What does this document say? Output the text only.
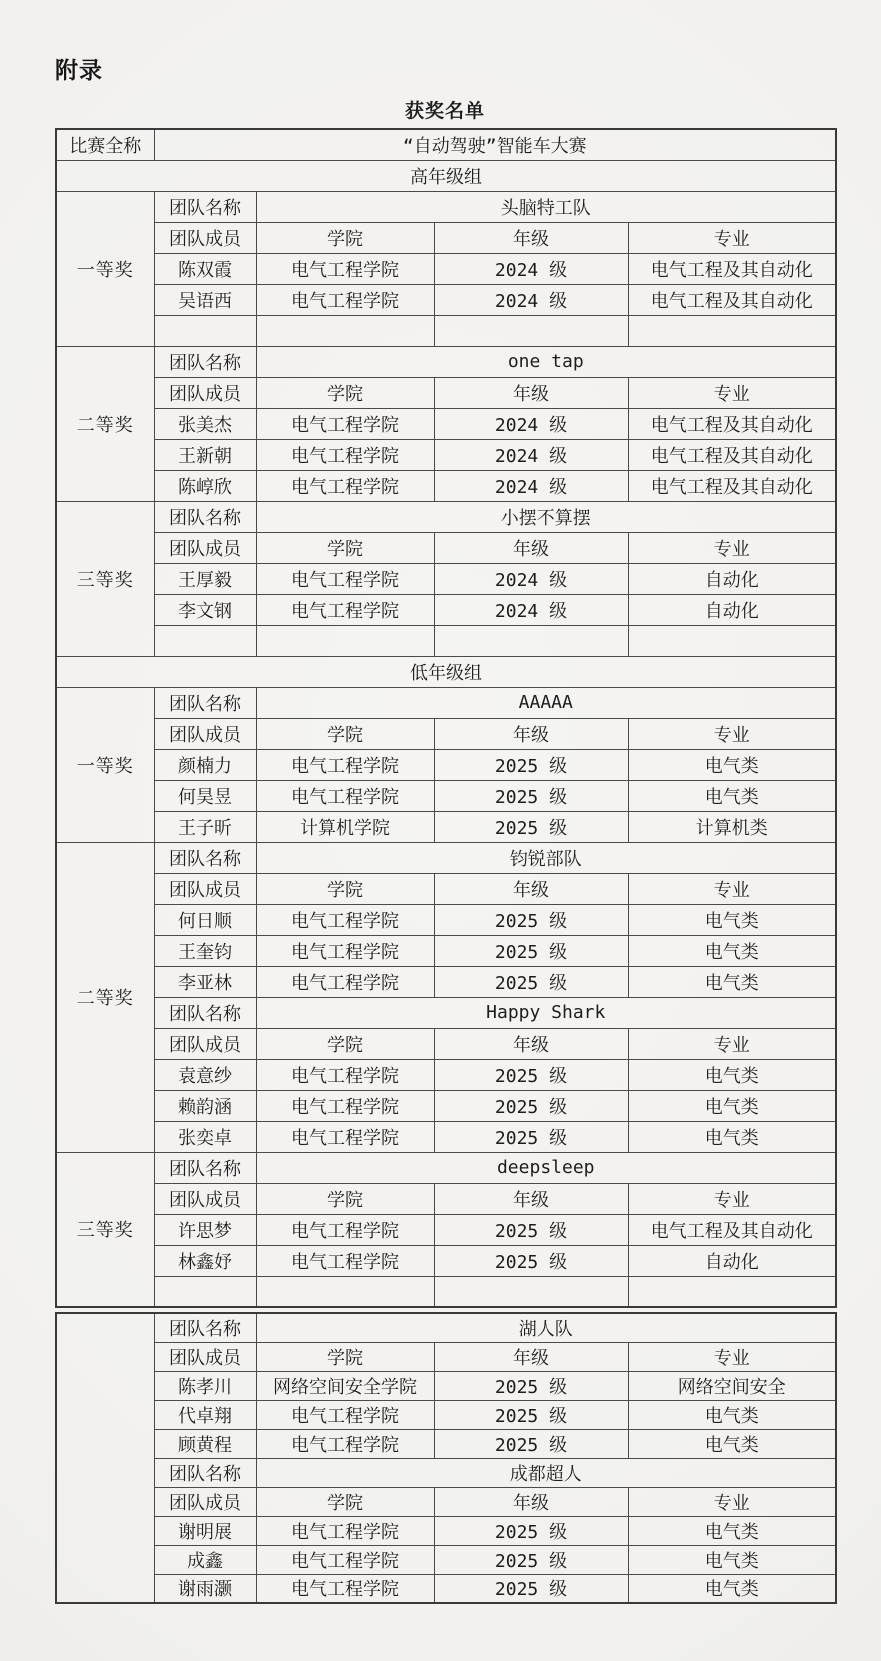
附录
获奖名单
比赛全称	“自动驾驶”智能车大赛			
高年级组				
一等奖	团队名称	头脑特工队		
	团队成员	学院	年级	专业
	陈双霞	电气工程学院	2024 级	电气工程及其自动化
	吴语西	电气工程学院	2024 级	电气工程及其自动化

二等奖	团队名称	one tap		
	团队成员	学院	年级	专业
	张美杰	电气工程学院	2024 级	电气工程及其自动化
	王新朝	电气工程学院	2024 级	电气工程及其自动化
	陈崞欣	电气工程学院	2024 级	电气工程及其自动化
三等奖	团队名称	小摆不算摆		
	团队成员	学院	年级	专业
	王厚毅	电气工程学院	2024 级	自动化
	李文钢	电气工程学院	2024 级	自动化

低年级组				
一等奖	团队名称	AAAAA		
	团队成员	学院	年级	专业
	颜楠力	电气工程学院	2025 级	电气类
	何昊昱	电气工程学院	2025 级	电气类
	王子昕	计算机学院	2025 级	计算机类
二等奖	团队名称	钧锐部队		
	团队成员	学院	年级	专业
	何日顺	电气工程学院	2025 级	电气类
	王奎钧	电气工程学院	2025 级	电气类
	李亚林	电气工程学院	2025 级	电气类
	团队名称	Happy Shark		
	团队成员	学院	年级	专业
	袁意纱	电气工程学院	2025 级	电气类
	赖韵涵	电气工程学院	2025 级	电气类
	张奕卓	电气工程学院	2025 级	电气类
三等奖	团队名称	deepsleep		
	团队成员	学院	年级	专业
	许思梦	电气工程学院	2025 级	电气工程及其自动化
	林鑫妤	电气工程学院	2025 级	自动化

	团队名称	湖人队		
	团队成员	学院	年级	专业
	陈孝川	网络空间安全学院	2025 级	网络空间安全
	代卓翔	电气工程学院	2025 级	电气类
	顾黄程	电气工程学院	2025 级	电气类
	团队名称	成都超人		
	团队成员	学院	年级	专业
	谢明展	电气工程学院	2025 级	电气类
	成鑫	电气工程学院	2025 级	电气类
	谢雨灏	电气工程学院	2025 级	电气类
